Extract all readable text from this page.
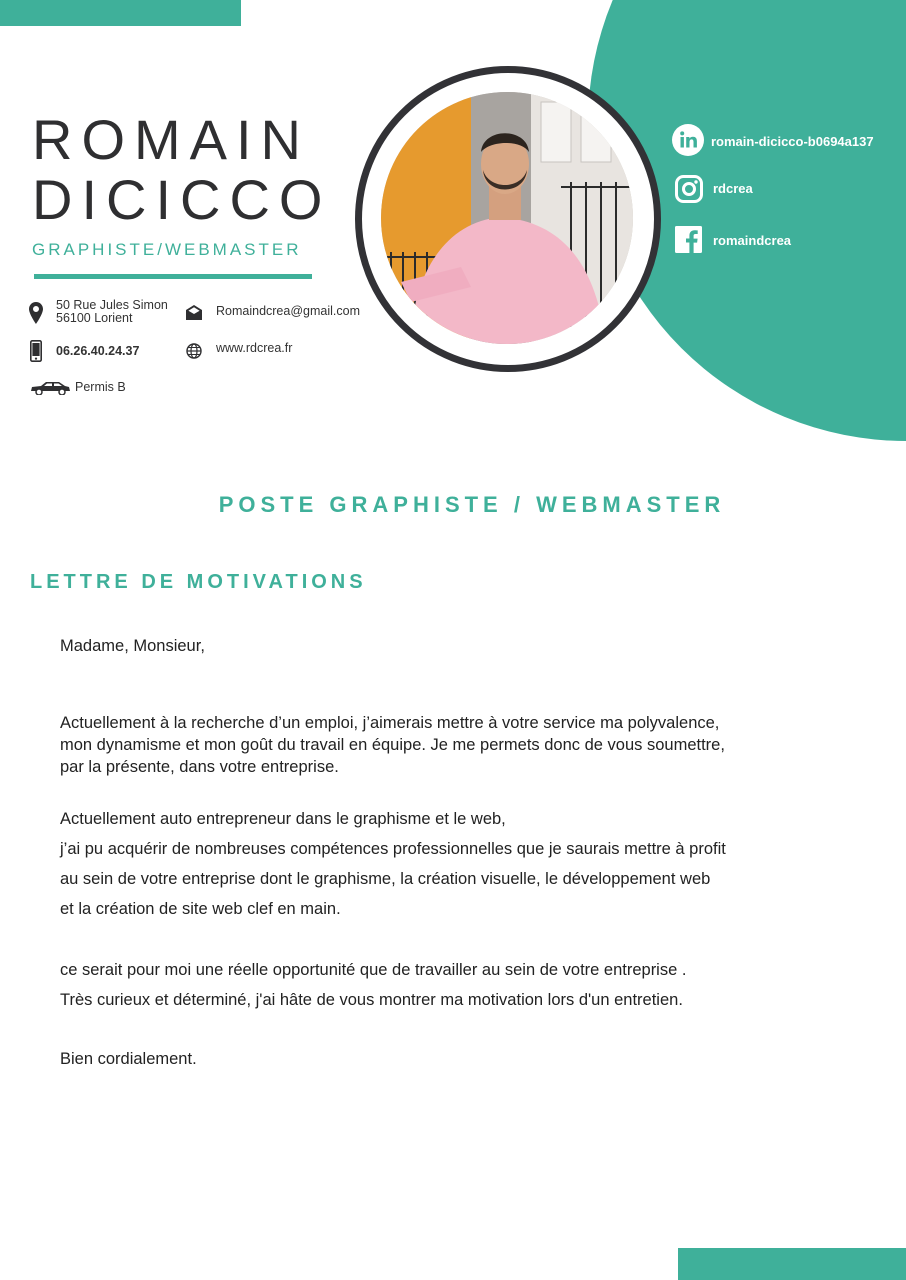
ROMAIN
DICICCO
GRAPHISTE/WEBMASTER
50 Rue Jules Simon
56100 Lorient	Romaindcrea@gmail.com
06.26.40.24.37	www.rdcrea.fr
Permis B
romain-dicicco-b0694a137
rdcrea
romaindcrea
POSTE GRAPHISTE / WEBMASTER
LETTRE DE MOTIVATIONS
Madame, Monsieur,
Actuellement à la recherche d’un emploi, j’aimerais mettre à votre service ma polyvalence,
mon dynamisme et mon goût du travail en équipe. Je me permets donc de vous soumettre,
par la présente, dans votre entreprise.
Actuellement auto entrepreneur dans le graphisme et le web,
j’ai pu acquérir de nombreuses compétences professionnelles que je saurais mettre à profit
au sein de votre entreprise dont le graphisme, la création visuelle, le développement web
et la création de site web clef en main.
ce serait pour moi une réelle opportunité que de travailler au sein de votre entreprise .
Très curieux et déterminé, j'ai hâte de vous montrer ma motivation lors d'un entretien.
Bien cordialement.
